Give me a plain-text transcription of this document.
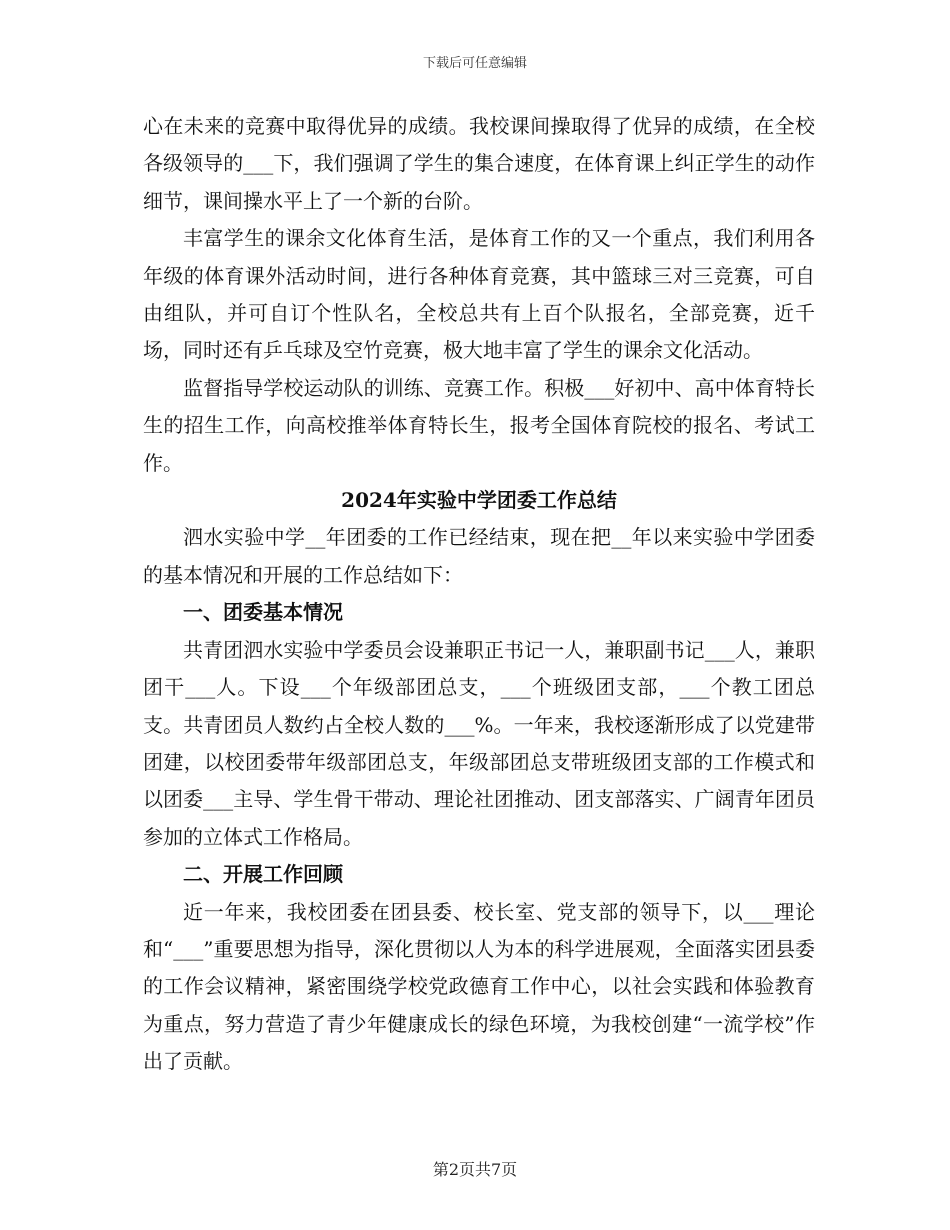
下载后可任意编辑

心在未来的竞赛中取得优异的成绩。我校课间操取得了优异的成绩，在全校各级领导的___下，我们强调了学生的集合速度，在体育课上纠正学生的动作细节，课间操水平上了一个新的台阶。

丰富学生的课余文化体育生活，是体育工作的又一个重点，我们利用各年级的体育课外活动时间，进行各种体育竞赛，其中篮球三对三竞赛，可自由组队，并可自订个性队名，全校总共有上百个队报名，全部竞赛，近千场，同时还有乒乓球及空竹竞赛，极大地丰富了学生的课余文化活动。

监督指导学校运动队的训练、竞赛工作。积极___好初中、高中体育特长生的招生工作，向高校推举体育特长生，报考全国体育院校的报名、考试工作。

2024年实验中学团委工作总结

泗水实验中学__年团委的工作已经结束，现在把__年以来实验中学团委的基本情况和开展的工作总结如下：

一、团委基本情况

共青团泗水实验中学委员会设兼职正书记一人，兼职副书记___人，兼职团干___人。下设___个年级部团总支，___个班级团支部，___个教工团总支。共青团员人数约占全校人数的___%。一年来，我校逐渐形成了以党建带团建，以校团委带年级部团总支，年级部团总支带班级团支部的工作模式和以团委___主导、学生骨干带动、理论社团推动、团支部落实、广阔青年团员参加的立体式工作格局。

二、开展工作回顾

近一年来，我校团委在团县委、校长室、党支部的领导下，以___理论和“___”重要思想为指导，深化贯彻以人为本的科学进展观，全面落实团县委的工作会议精神，紧密围绕学校党政德育工作中心，以社会实践和体验教育为重点，努力营造了青少年健康成长的绿色环境，为我校创建“一流学校”作出了贡献。

第2页共7页
